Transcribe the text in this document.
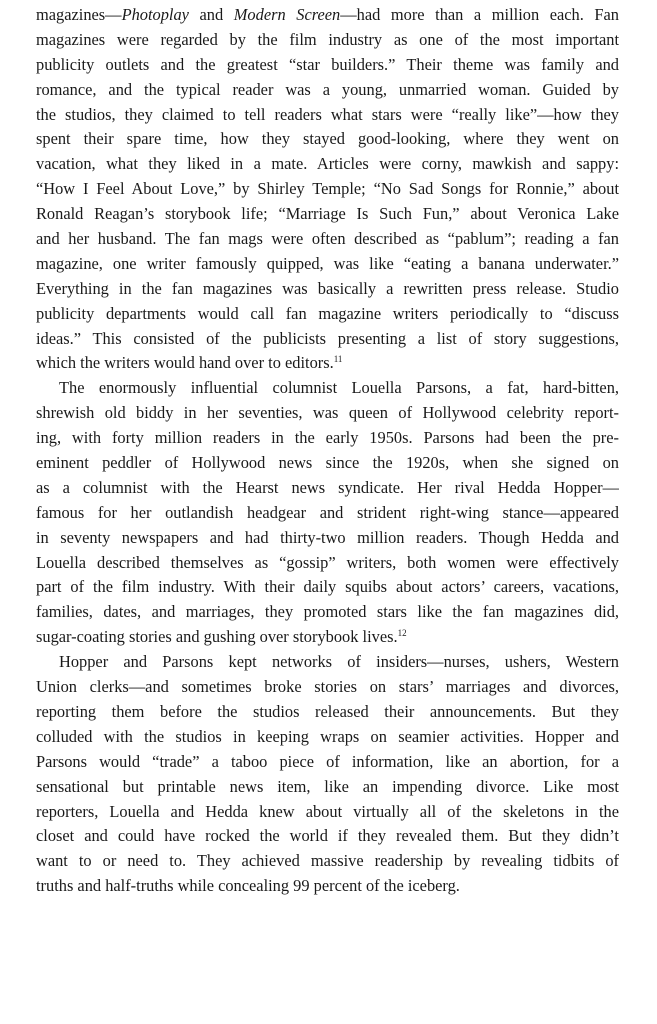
magazines—Photoplay and Modern Screen—had more than a million each. Fan
magazines were regarded by the film industry as one of the most important
publicity outlets and the greatest “star builders.” Their theme was family and
romance, and the typical reader was a young, unmarried woman. Guided by
the studios, they claimed to tell readers what stars were “really like”—how they
spent their spare time, how they stayed good-looking, where they went on
vacation, what they liked in a mate. Articles were corny, mawkish and sappy:
“How I Feel About Love,” by Shirley Temple; “No Sad Songs for Ronnie,” about
Ronald Reagan’s storybook life; “Marriage Is Such Fun,” about Veronica Lake
and her husband. The fan mags were often described as “pablum”; reading a fan
magazine, one writer famously quipped, was like “eating a banana underwater.”
Everything in the fan magazines was basically a rewritten press release. Studio
publicity departments would call fan magazine writers periodically to “discuss
ideas.” This consisted of the publicists presenting a list of story suggestions,
which the writers would hand over to editors.$^{11}$
The enormously influential columnist Louella Parsons, a fat, hard-bitten,
shrewish old biddy in her seventies, was queen of Hollywood celebrity report-
ing, with forty million readers in the early 1950s. Parsons had been the pre-
eminent peddler of Hollywood news since the 1920s, when she signed on
as a columnist with the Hearst news syndicate. Her rival Hedda Hopper—
famous for her outlandish headgear and strident right-wing stance—appeared
in seventy newspapers and had thirty-two million readers. Though Hedda and
Louella described themselves as “gossip” writers, both women were effectively
part of the film industry. With their daily squibs about actors’ careers, vacations,
families, dates, and marriages, they promoted stars like the fan magazines did,
sugar-coating stories and gushing over storybook lives.$^{12}$
Hopper and Parsons kept networks of insiders—nurses, ushers, Western
Union clerks—and sometimes broke stories on stars’ marriages and divorces,
reporting them before the studios released their announcements. But they
colluded with the studios in keeping wraps on seamier activities. Hopper and
Parsons would “trade” a taboo piece of information, like an abortion, for a
sensational but printable news item, like an impending divorce. Like most
reporters, Louella and Hedda knew about virtually all of the skeletons in the
closet and could have rocked the world if they revealed them. But they didn’t
want to or need to. They achieved massive readership by revealing tidbits of
truths and half-truths while concealing 99 percent of the iceberg.
